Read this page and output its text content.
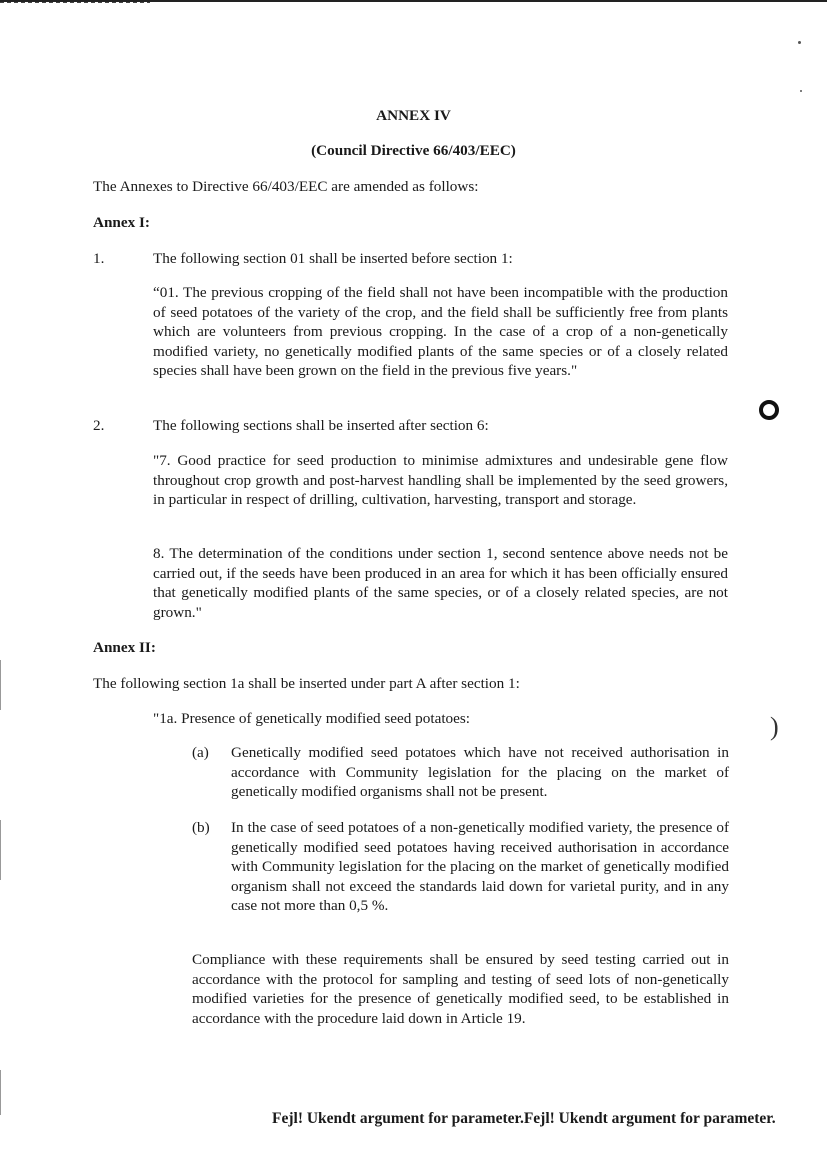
ANNEX IV
(Council Directive 66/403/EEC)
The Annexes to Directive 66/403/EEC are amended as follows:
Annex I:
1.	The following section 01 shall be inserted before section 1:
“01. The previous cropping of the field shall not have been incompatible with the production of seed potatoes of the variety of the crop, and the field shall be sufficiently free from plants which are volunteers from previous cropping. In the case of a crop of a non-genetically modified variety, no genetically modified plants of the same species or of a closely related species shall have been grown on the field in the previous five years."
2.	The following sections shall be inserted after section 6:
"7. Good practice for seed production to minimise admixtures and undesirable gene flow throughout crop growth and post-harvest handling shall be implemented by the seed growers, in particular in respect of drilling, cultivation, harvesting, transport and storage.
8. The determination of the conditions under section 1, second sentence above needs not be carried out, if the seeds have been produced in an area for which it has been officially ensured that genetically modified plants of the same species, or of a closely related species, are not grown."
Annex II:
The following section 1a shall be inserted under part A after section 1:
"1a. Presence of genetically modified seed potatoes:
(a) Genetically modified seed potatoes which have not received authorisation in accordance with Community legislation for the placing on the market of genetically modified organisms shall not be present.
(b) In the case of seed potatoes of a non-genetically modified variety, the presence of genetically modified seed potatoes having received authorisation in accordance with Community legislation for the placing on the market of genetically modified organism shall not exceed the standards laid down for varietal purity, and in any case not more than 0,5 %.
Compliance with these requirements shall be ensured by seed testing carried out in accordance with the protocol for sampling and testing of seed lots of non-genetically modified varieties for the presence of genetically modified seed, to be established in accordance with the procedure laid down in Article 19.
Fejl! Ukendt argument for parameter.Fejl! Ukendt argument for parameter.
)
